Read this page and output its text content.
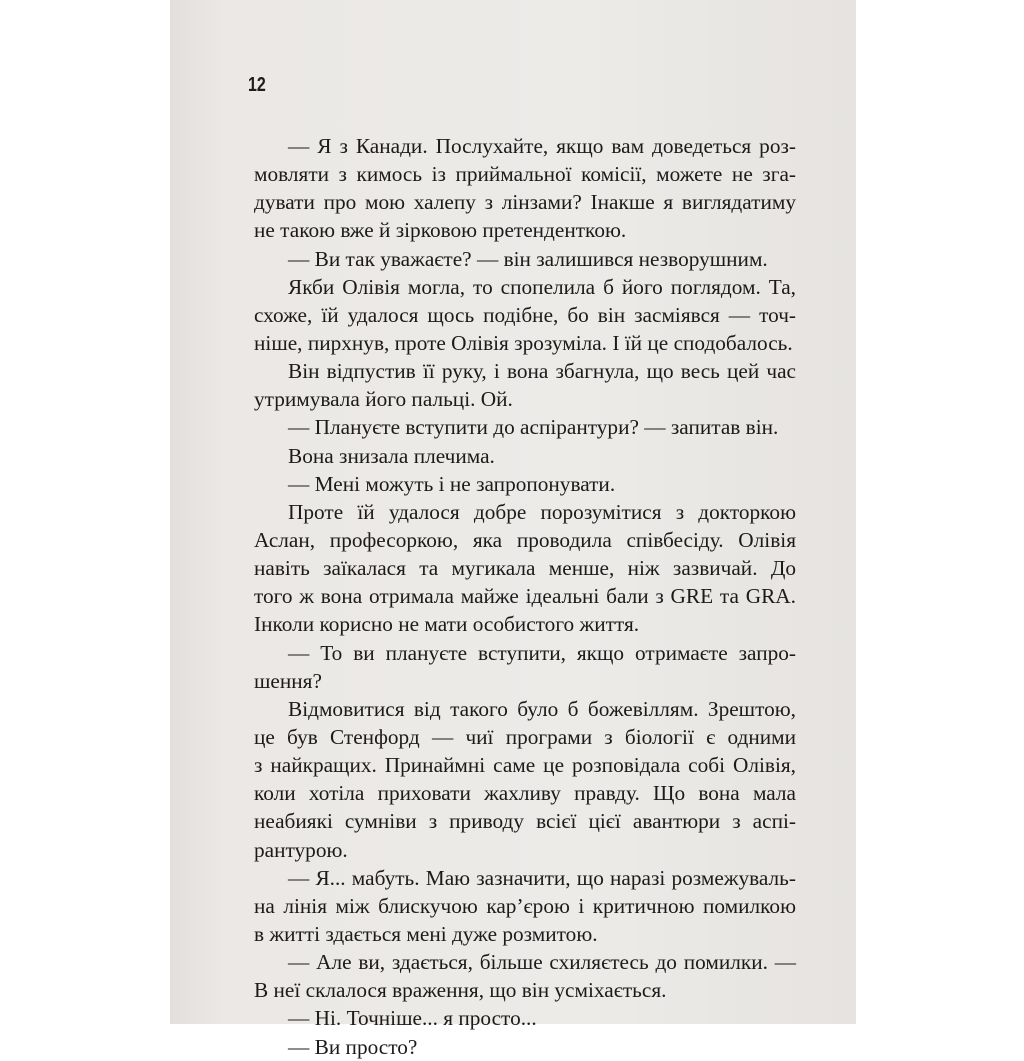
12
— Я з Канади. Послухайте, якщо вам доведеться роз-
мовляти з кимось із приймальної комісії, можете не зга-
дувати про мою халепу з лінзами? Інакше я виглядатиму
не такою вже й зірковою претенденткою.
— Ви так уважаєте? — він залишився незворушним.
Якби Олівія могла, то спопелила б його поглядом. Та,
схоже, їй удалося щось подібне, бо він засміявся — точ-
ніше, пирхнув, проте Олівія зрозуміла. І їй це сподобалось.
Він відпустив її руку, і вона збагнула, що весь цей час
утримувала його пальці. Ой.
— Плануєте вступити до аспірантури? — запитав він.
Вона знизала плечима.
— Мені можуть і не запропонувати.
Проте їй удалося добре порозумітися з докторкою
Аслан, професоркою, яка проводила співбесіду. Олівія
навіть заїкалася та мугикала менше, ніж зазвичай. До
того ж вона отримала майже ідеальні бали з GRE та GRA.
Інколи корисно не мати особистого життя.
— То ви плануєте вступити, якщо отримаєте запро-
шення?
Відмовитися від такого було б божевіллям. Зрештою,
це був Стенфорд — чиї програми з біології є одними
з найкращих. Принаймні саме це розповідала собі Олівія,
коли хотіла приховати жахливу правду. Що вона мала
неабиякі сумніви з приводу всієї цієї авантюри з аспі-
рантурою.
— Я... мабуть. Маю зазначити, що наразі розмежуваль-
на лінія між блискучою кар’єрою і критичною помилкою
в житті здається мені дуже розмитою.
— Але ви, здається, більше схиляєтесь до помилки. —
В неї склалося враження, що він усміхається.
— Ні. Точніше... я просто...
— Ви просто?
